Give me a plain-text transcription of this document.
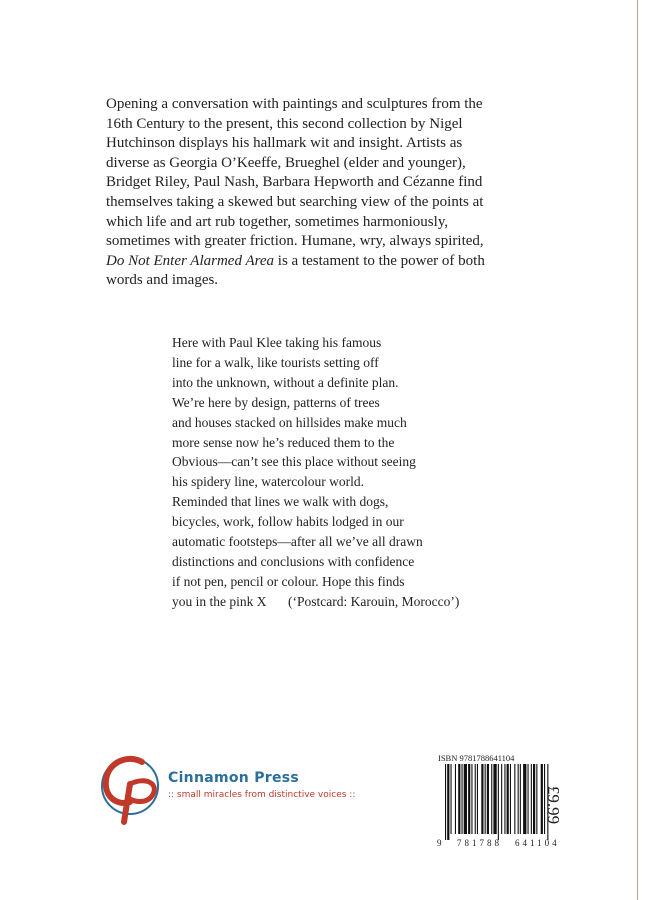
Opening a conversation with paintings and sculptures from the
16th Century to the present, this second collection by Nigel
Hutchinson displays his hallmark wit and insight. Artists as
diverse as Georgia O’Keeffe, Brueghel (elder and younger),
Bridget Riley, Paul Nash, Barbara Hepworth and Cézanne find
themselves taking a skewed but searching view of the points at
which life and art rub together, sometimes harmoniously,
sometimes with greater friction. Humane, wry, always spirited,
Do Not Enter Alarmed Area is a testament to the power of both
words and images.

Here with Paul Klee taking his famous
line for a walk, like tourists setting off
into the unknown, without a definite plan.
We’re here by design, patterns of trees
and houses stacked on hillsides make much
more sense now he’s reduced them to the
Obvious—can’t see this place without seeing
his spidery line, watercolour world.
Reminded that lines we walk with dogs,
bicycles, work, follow habits lodged in our
automatic footsteps—after all we’ve all drawn
distinctions and conclusions with confidence
if not pen, pencil or colour. Hope this finds
you in the pink X	(‘Postcard: Karouin, Morocco’)

Cinnamon Press

:: small miracles from distinctive voices ::

ISBN 9781788641104

9 781788 641104
£9.99
